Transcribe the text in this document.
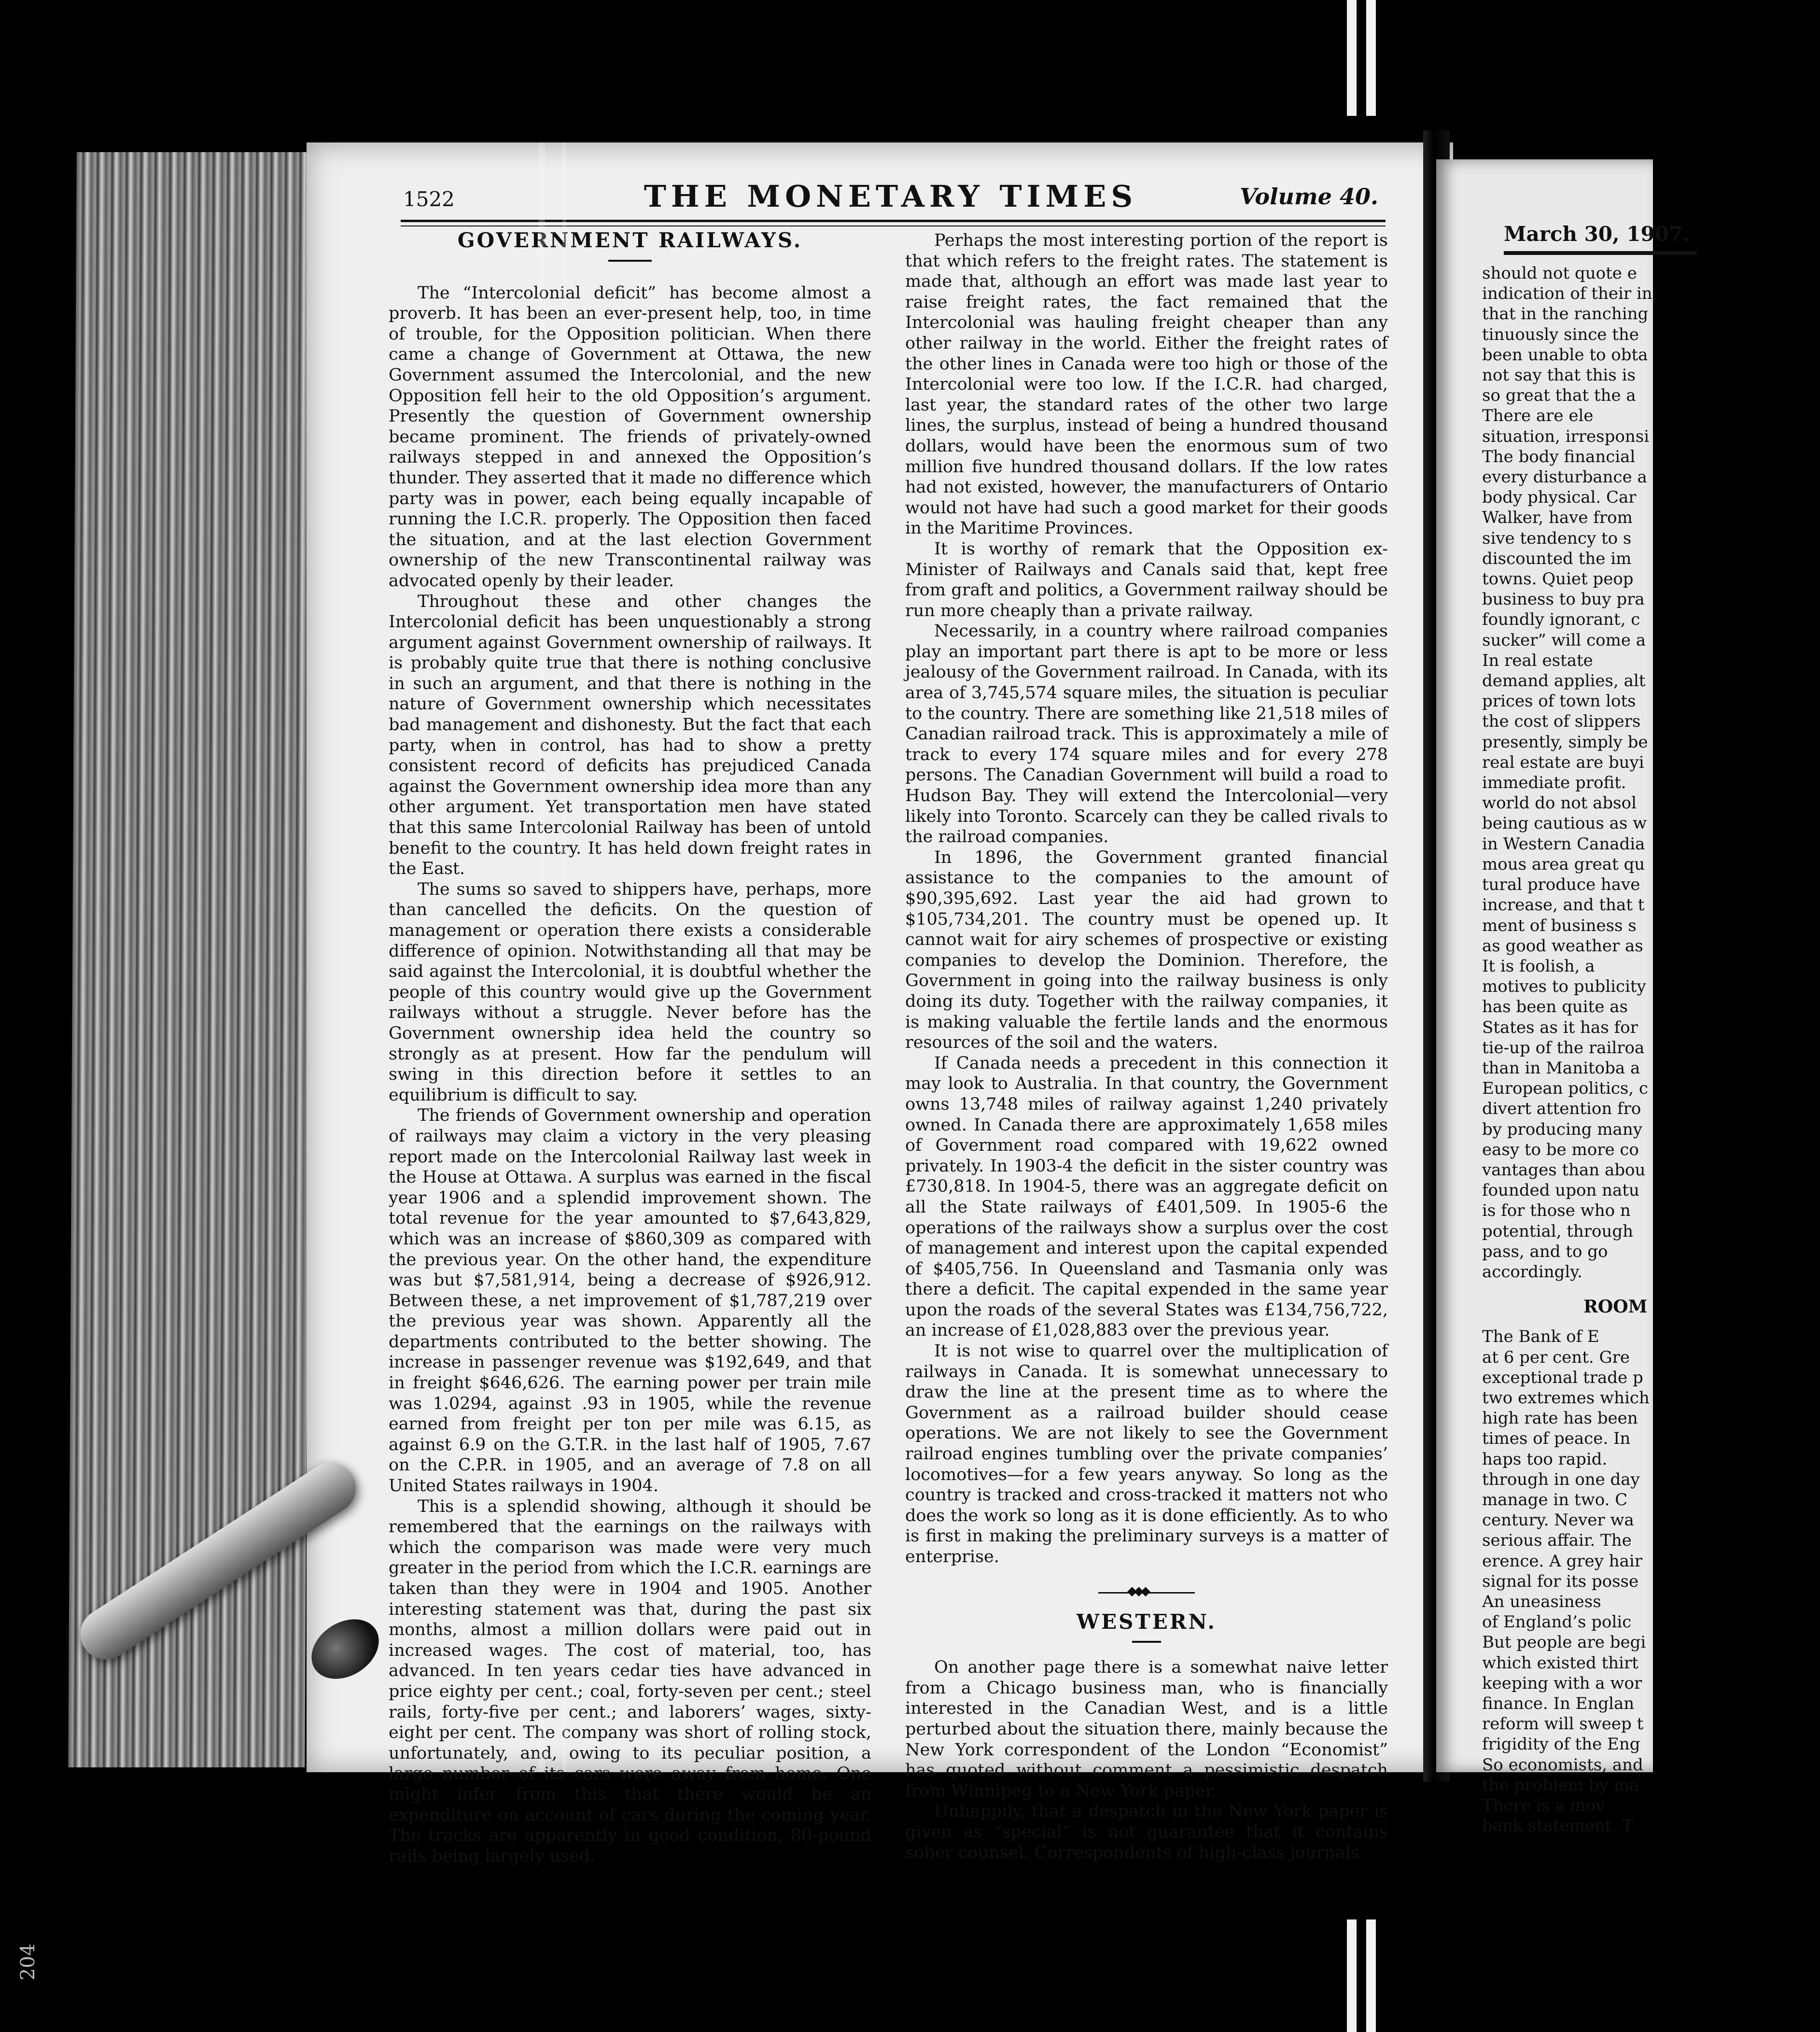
1522	THE MONETARY TIMES	Volume 40.
GOVERNMENT RAILWAYS.

The “Intercolonial deficit” has become almost a proverb. It has been an ever-present help, too, in time of trouble, for the Opposition politician. When there came a change of Government at Ottawa, the new Government assumed the Intercolonial, and the new Opposition fell heir to the old Opposition’s argument. Presently the question of Government ownership became prominent. The friends of privately-owned railways stepped in and annexed the Opposition’s thunder. They asserted that it made no difference which party was in power, each being equally incapable of running the I.C.R. properly. The Opposition then faced the situation, and at the last election Government ownership of the new Transcontinental railway was advocated openly by their leader.

Throughout these and other changes the Intercolonial deficit has been unquestionably a strong argument against Government ownership of railways. It is probably quite true that there is nothing conclusive in such an argument, and that there is nothing in the nature of Government ownership which necessitates bad management and dishonesty. But the fact that each party, when in control, has had to show a pretty consistent record of deficits has prejudiced Canada against the Government ownership idea more than any other argument. Yet transportation men have stated that this same Intercolonial Railway has been of untold benefit to the country. It has held down freight rates in the East.

The sums so saved to shippers have, perhaps, more than cancelled the deficits. On the question of management or operation there exists a considerable difference of opinion. Notwithstanding all that may be said against the Intercolonial, it is doubtful whether the people of this country would give up the Government railways without a struggle. Never before has the Government ownership idea held the country so strongly as at present. How far the pendulum will swing in this direction before it settles to an equilibrium is difficult to say.

The friends of Government ownership and operation of railways may claim a victory in the very pleasing report made on the Intercolonial Railway last week in the House at Ottawa. A surplus was earned in the fiscal year 1906 and a splendid improvement shown. The total revenue for the year amounted to $7,643,829, which was an increase of $860,309 as compared with the previous year. On the other hand, the expenditure was but $7,581,914, being a decrease of $926,912. Between these, a net improvement of $1,787,219 over the previous year was shown. Apparently all the departments contributed to the better showing. The increase in passenger revenue was $192,649, and that in freight $646,626. The earning power per train mile was 1.0294, against .93 in 1905, while the revenue earned from freight per ton per mile was 6.15, as against 6.9 on the G.T.R. in the last half of 1905, 7.67 on the C.P.R. in 1905, and an average of 7.8 on all United States railways in 1904.

This is a splendid showing, although it should be remembered that the earnings on the railways with which the comparison was made were very much greater in the period from which the I.C.R. earnings are taken than they were in 1904 and 1905. Another interesting statement was that, during the past six months, almost a million dollars were paid out in increased wages. The cost of material, too, has advanced. In ten years cedar ties have advanced in price eighty per cent.; coal, forty-seven per cent.; steel rails, forty-five per cent.; and laborers’ wages, sixty-eight per cent. The company was short of rolling stock, unfortunately, and, owing to its peculiar position, a large number of its cars were away from home. One might infer from this that there would be an expenditure on account of cars during the coming year. The tracks are apparently in good condition, 80-pound rails being largely used.

Perhaps the most interesting portion of the report is that which refers to the freight rates. The statement is made that, although an effort was made last year to raise freight rates, the fact remained that the Intercolonial was hauling freight cheaper than any other railway in the world. Either the freight rates of the other lines in Canada were too high or those of the Intercolonial were too low. If the I.C.R. had charged, last year, the standard rates of the other two large lines, the surplus, instead of being a hundred thousand dollars, would have been the enormous sum of two million five hundred thousand dollars. If the low rates had not existed, however, the manufacturers of Ontario would not have had such a good market for their goods in the Maritime Provinces.

It is worthy of remark that the Opposition ex-Minister of Railways and Canals said that, kept free from graft and politics, a Government railway should be run more cheaply than a private railway.

Necessarily, in a country where railroad companies play an important part there is apt to be more or less jealousy of the Government railroad. In Canada, with its area of 3,745,574 square miles, the situation is peculiar to the country. There are something like 21,518 miles of Canadian railroad track. This is approximately a mile of track to every 174 square miles and for every 278 persons. The Canadian Government will build a road to Hudson Bay. They will extend the Intercolonial—very likely into Toronto. Scarcely can they be called rivals to the railroad companies.

In 1896, the Government granted financial assistance to the companies to the amount of $90,395,692. Last year the aid had grown to $105,734,201. The country must be opened up. It cannot wait for airy schemes of prospective or existing companies to develop the Dominion. Therefore, the Government in going into the railway business is only doing its duty. Together with the railway companies, it is making valuable the fertile lands and the enormous resources of the soil and the waters.

If Canada needs a precedent in this connection it may look to Australia. In that country, the Government owns 13,748 miles of railway against 1,240 privately owned. In Canada there are approximately 1,658 miles of Government road compared with 19,622 owned privately. In 1903-4 the deficit in the sister country was £730,818. In 1904-5, there was an aggregate deficit on all the State railways of £401,509. In 1905-6 the operations of the railways show a surplus over the cost of management and interest upon the capital expended of $405,756. In Queensland and Tasmania only was there a deficit. The capital expended in the same year upon the roads of the several States was £134,756,722, an increase of £1,028,883 over the previous year.

It is not wise to quarrel over the multiplication of railways in Canada. It is somewhat unnecessary to draw the line at the present time as to where the Government as a railroad builder should cease operations. We are not likely to see the Government railroad engines tumbling over the private companies’ locomotives—for a few years anyway. So long as the country is tracked and cross-tracked it matters not who does the work so long as it is done efficiently. As to who is first in making the preliminary surveys is a matter of enterprise.

◆◆◆
WESTERN.

On another page there is a somewhat naive letter from a Chicago business man, who is financially interested in the Canadian West, and is a little perturbed about the situation there, mainly because the New York correspondent of the London “Economist” has quoted without comment a pessimistic despatch from Winnipeg to a New York paper.

Unhappily, that a despatch in the New York paper is given as “special” is not guarantee that it contains sober counsel. Correspondents of high-class journals

March 30, 1907.

should not quote e

indication of their in

that in the ranching

tinuously since the

been unable to obta

not say that this is

so great that the a

There are ele

situation, irresponsi

The body financial

every disturbance a

body physical. Car

Walker, have from

sive tendency to s

discounted the im

towns. Quiet peop

business to buy pra

foundly ignorant, c

sucker” will come a

In real estate

demand applies, alt

prices of town lots

the cost of slippers

presently, simply be

real estate are buyi

immediate profit.

world do not absol

being cautious as w

in Western Canadia

mous area great qu

tural produce have

increase, and that t

ment of business s

as good weather as

It is foolish, a

motives to publicity

has been quite as

States as it has for

tie-up of the railroa

than in Manitoba a

European politics, c

divert attention fro

by producing many

easy to be more co

vantages than abou

founded upon natu

is for those who n

potential, through

pass, and to go

accordingly.

ROOM

The Bank of E

at 6 per cent. Gre

exceptional trade p

two extremes which

high rate has been

times of peace. In

haps too rapid.

through in one day

manage in two. C

century. Never wa

serious affair. The

erence. A grey hair

signal for its posse

An uneasiness

of England’s polic

But people are begi

which existed thirt

keeping with a wor

finance. In Englan

reform will sweep t

frigidity of the Eng

So economists, and

the problem by ma

There is a mov

bank statement. T

204
